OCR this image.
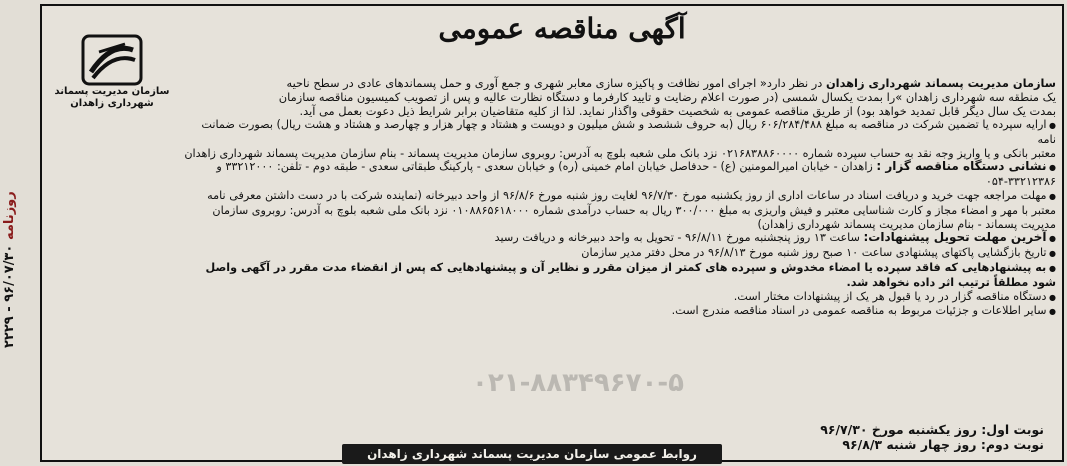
روزنامه ۹۶/۰۷/۳۰ - ۲۲۲۹
آگهی مناقصه عمومی
سازمان مدیریت پسماند
شهرداری زاهدان

سازمان مدیریت پسماند شهرداری زاهدان در نظر دارد« اجرای امور نظافت و پاکیزه سازی معابر شهری و جمع آوری و حمل پسماندهای عادی در سطح ناحیه

یک منطقه سه شهرداری زاهدان »را بمدت یکسال شمسی (در صورت اعلام رضایت و تایید کارفرما و دستگاه نظارت عالیه و پس از تصویب کمیسیون مناقصه سازمان

بمدت یک سال دیگر قابل تمدید خواهد بود) از طریق مناقصه عمومی به شخصیت حقوقی واگذار نماید. لذا از کلیه متقاضیان برابر شرایط ذیل دعوت بعمل می آید.

● ارایه سپرده یا تضمین شرکت در مناقصه به مبلغ ۶۰۶/۲۸۴/۴۸۸ ریال (به حروف ششصد و شش میلیون و دویست و هشتاد و چهار هزار و چهارصد و هشتاد و هشت ریال) بصورت ضمانت نامه

معتبر بانکی و یا واریز وجه نقد به حساب سپرده شماره ۰۲۱۶۸۳۸۸۶۰۰۰۰ نزد بانک ملی شعبه بلوچ به آدرس: روبروی سازمان مدیریت پسماند - بنام سازمان مدیریت پسماند شهرداری زاهدان

● نشانی دستگاه مناقصه گزار : زاهدان - خیابان امیرالمومنین (ع) - حدفاصل خیابان امام خمینی (ره) و خیابان سعدی - پارکینگ طبقاتی سعدی - طبقه دوم - تلفن: ۳۳۲۱۲۰۰۰ و

۰۵۴-۳۳۲۱۲۳۸۶

● مهلت مراجعه جهت خرید و دریافت اسناد در ساعات اداری از روز یکشنبه مورخ ۹۶/۷/۳۰ لغایت روز شنبه مورخ ۹۶/۸/۶ از واحد دبیرخانه (نماینده شرکت با در دست داشتن معرفی نامه

معتبر با مهر و امضاء مجاز و کارت شناسایی معتبر و فیش واریزی به مبلغ ۳۰۰/۰۰۰ ریال به حساب درآمدی شماره ۰۱۰۸۸۶۵۶۱۸۰۰۰ نزد بانک ملی شعبه بلوچ به آدرس: روبروی سازمان

مدیریت پسماند - بنام سازمان مدیریت پسماند شهرداری زاهدان)

● آخرین مهلت تحویل پیشنهادات: ساعت ۱۳ روز پنجشنبه مورخ ۹۶/۸/۱۱ - تحویل به واحد دبیرخانه و دریافت رسید

● تاریخ بازگشایی پاکتهای پیشنهادی ساعت ۱۰ صبح روز شنبه مورخ ۹۶/۸/۱۳ در محل دفتر مدیر سازمان

● به پیشنهادهایی که فاقد سپرده یا امضاء مخدوش و سپرده های کمتر از میزان مقرر و نظایر آن و پیشنهادهایی که پس از انقضاء مدت مقرر در آگهی واصل شود مطلقاً ترتیب اثر داده نخواهد شد.

● دستگاه مناقصه گزار در رد یا قبول هر یک از پیشنهادات مختار است.

● سایر اطلاعات و جزئیات مربوط به مناقصه عمومی در اسناد مناقصه مندرج است.

۰۲۱-۸۸۳۴۹۶۷۰-۵
نوبت اول: روز یکشنبه مورخ ۹۶/۷/۳۰
نوبت دوم: روز چهار شنبه ۹۶/۸/۳
روابط عمومی سازمان مدیریت پسماند شهرداری زاهدان
